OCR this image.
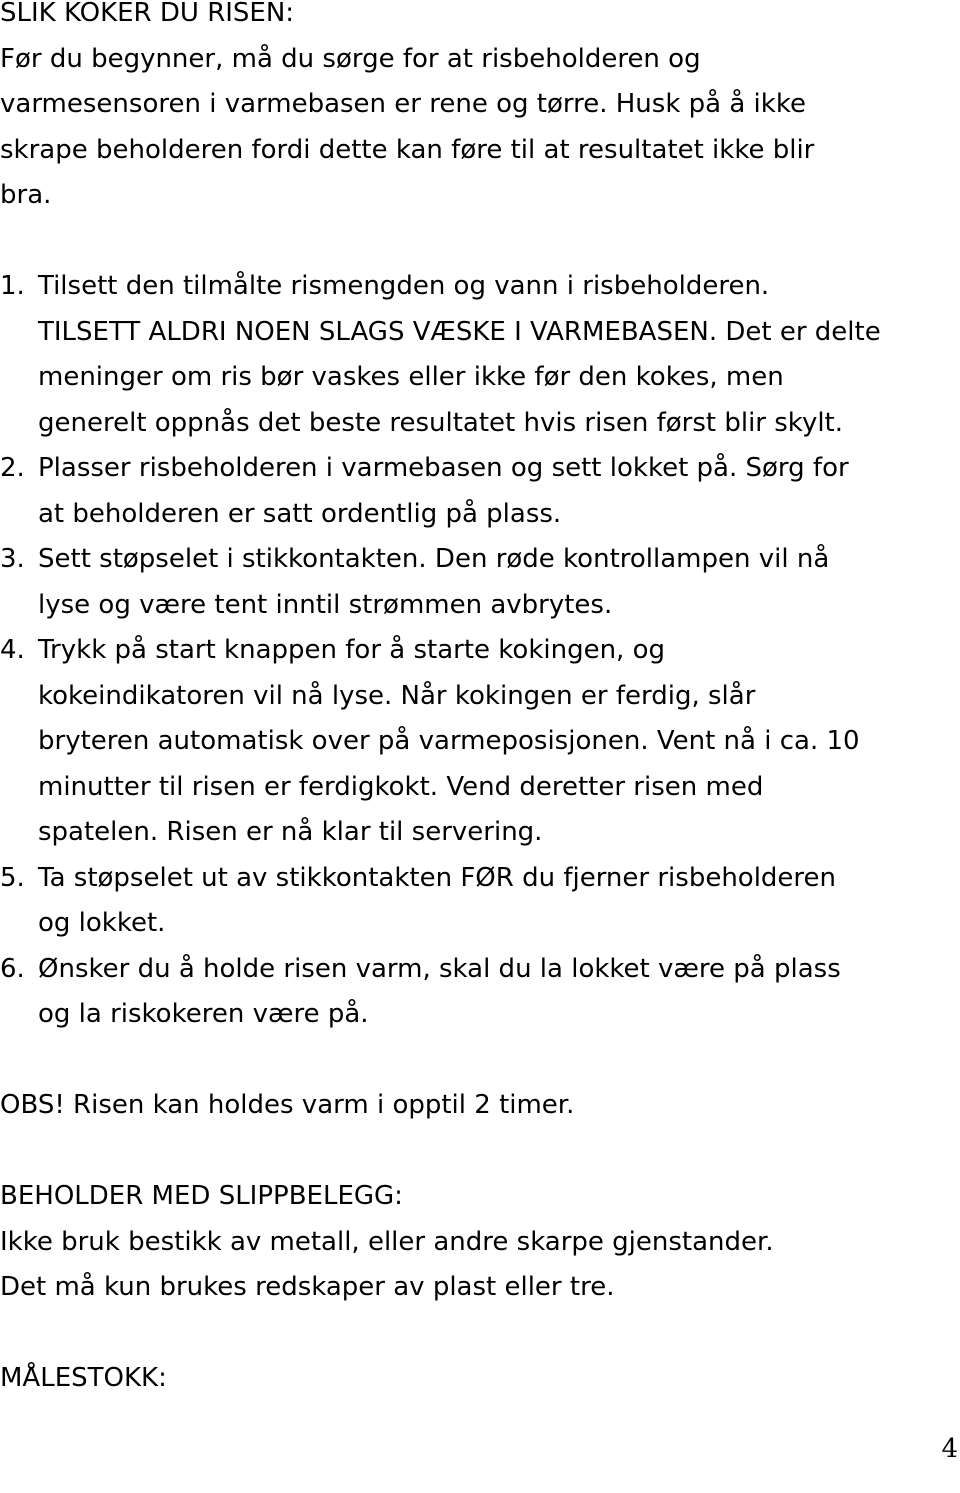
SLIK KOKER DU RISEN:
Før du begynner, må du sørge for at risbeholderen og
varmesensoren i varmebasen er rene og tørre. Husk på å ikke
skrape beholderen fordi dette kan føre til at resultatet ikke blir
bra.
1. Tilsett den tilmålte rismengden og vann i risbeholderen.
TILSETT ALDRI NOEN SLAGS VÆSKE I VARMEBASEN. Det er delte
meninger om ris bør vaskes eller ikke før den kokes, men
generelt oppnås det beste resultatet hvis risen først blir skylt.
2. Plasser risbeholderen i varmebasen og sett lokket på. Sørg for
at beholderen er satt ordentlig på plass.
3. Sett støpselet i stikkontakten. Den røde kontrollampen vil nå
lyse og være tent inntil strømmen avbrytes.
4. Trykk på start knappen for å starte kokingen, og
kokeindikatoren vil nå lyse. Når kokingen er ferdig, slår
bryteren automatisk over på varmeposisjonen. Vent nå i ca. 10
minutter til risen er ferdigkokt. Vend deretter risen med
spatelen. Risen er nå klar til servering.
5. Ta støpselet ut av stikkontakten FØR du fjerner risbeholderen
og lokket.
6. Ønsker du å holde risen varm, skal du la lokket være på plass
og la riskokeren være på.
OBS! Risen kan holdes varm i opptil 2 timer.
BEHOLDER MED SLIPPBELEGG:
Ikke bruk bestikk av metall, eller andre skarpe gjenstander.
Det må kun brukes redskaper av plast eller tre.
MÅLESTOKK:
4
